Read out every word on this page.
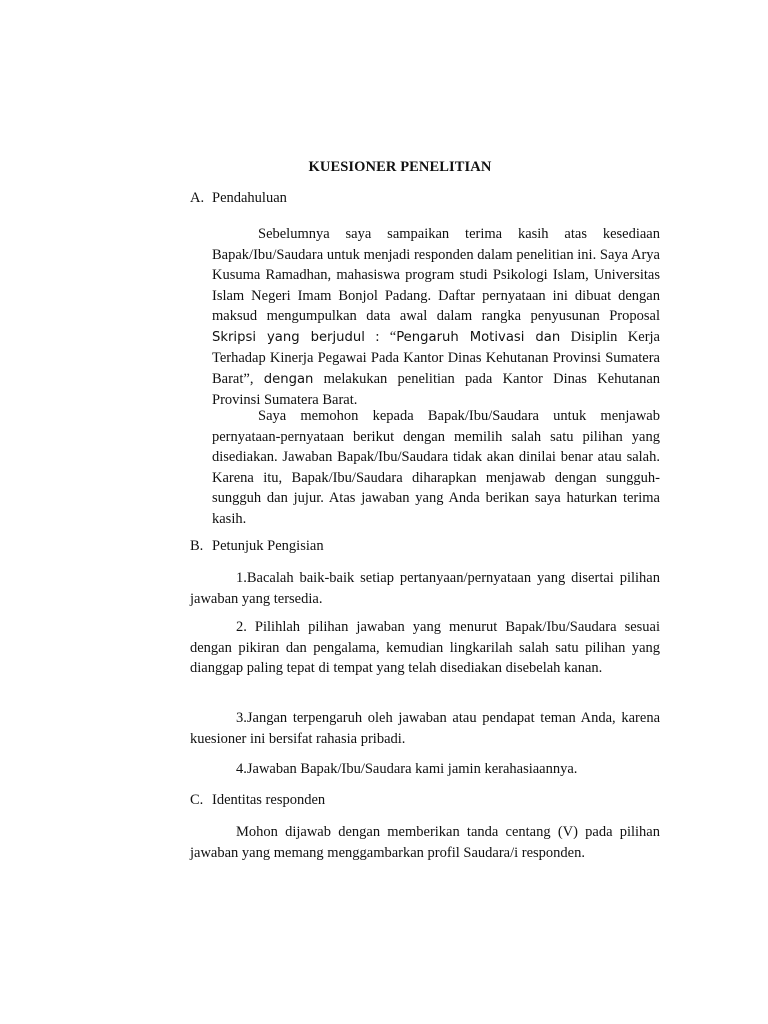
KUESIONER PENELITIAN
A. Pendahuluan

Sebelumnya saya sampaikan terima kasih atas kesediaan Bapak/Ibu/Saudara untuk menjadi responden dalam penelitian ini. Saya Arya Kusuma Ramadhan, mahasiswa program studi Psikologi Islam, Universitas Islam Negeri Imam Bonjol Padang. Daftar pernyataan ini dibuat dengan maksud mengumpulkan data awal dalam rangka penyusunan Proposal Skripsi yang berjudul : “Pengaruh Motivasi dan Disiplin Kerja Terhadap Kinerja Pegawai Pada Kantor Dinas Kehutanan Provinsi Sumatera Barat”, dengan melakukan penelitian pada Kantor Dinas Kehutanan Provinsi Sumatera Barat.

Saya memohon kepada Bapak/Ibu/Saudara untuk menjawab pernyataan-pernyataan berikut dengan memilih salah satu pilihan yang disediakan. Jawaban Bapak/Ibu/Saudara tidak akan dinilai benar atau salah. Karena itu, Bapak/Ibu/Saudara diharapkan menjawab dengan sungguh-sungguh dan jujur. Atas jawaban yang Anda berikan saya haturkan terima kasih.

B. Petunjuk Pengisian

1.Bacalah baik-baik setiap pertanyaan/pernyataan yang disertai pilihan jawaban yang tersedia.

2. Pilihlah pilihan jawaban yang menurut Bapak/Ibu/Saudara sesuai dengan pikiran dan pengalama, kemudian lingkarilah salah satu pilihan yang dianggap paling tepat di tempat yang telah disediakan disebelah kanan.

3.Jangan terpengaruh oleh jawaban atau pendapat teman Anda, karena kuesioner ini bersifat rahasia pribadi.

4.Jawaban Bapak/Ibu/Saudara kami jamin kerahasiaannya.

C. Identitas responden

Mohon dijawab dengan memberikan tanda centang (V) pada pilihan jawaban yang memang menggambarkan profil Saudara/i responden.
